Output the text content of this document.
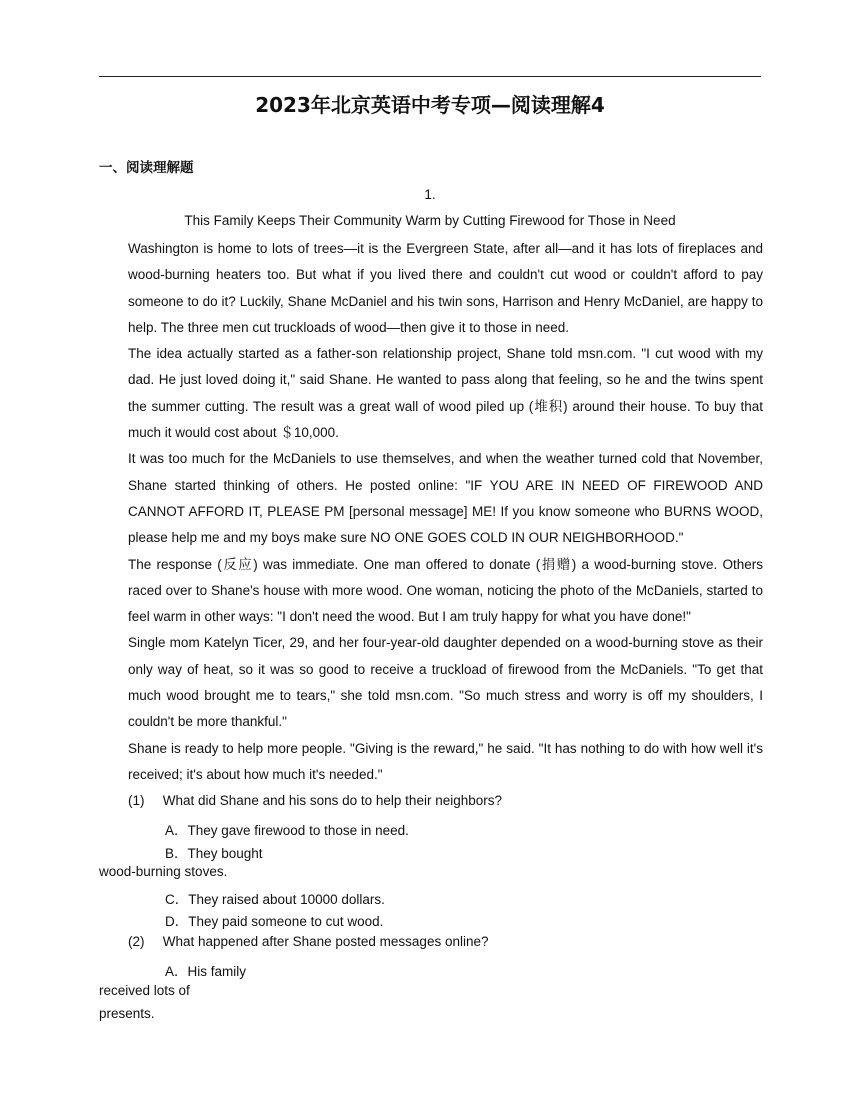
2023年北京英语中考专项—阅读理解4
一、阅读理解题
1.
This Family Keeps Their Community Warm by Cutting Firewood for Those in Need

Washington is home to lots of trees—it is the Evergreen State, after all—and it has lots of fireplaces and wood-burning heaters too. But what if you lived there and couldn't cut wood or couldn't afford to pay someone to do it? Luckily, Shane McDaniel and his twin sons, Harrison and Henry McDaniel, are happy to help. The three men cut truckloads of wood—then give it to those in need.

The idea actually started as a father-son relationship project, Shane told msn.com. "I cut wood with my dad. He just loved doing it," said Shane. He wanted to pass along that feeling, so he and the twins spent the summer cutting. The result was a great wall of wood piled up (堆积) around their house. To buy that much it would cost about ＄10,000.

It was too much for the McDaniels to use themselves, and when the weather turned cold that November, Shane started thinking of others. He posted online: "IF YOU ARE IN NEED OF FIREWOOD AND CANNOT AFFORD IT, PLEASE PM [personal message] ME! If you know someone who BURNS WOOD, please help me and my boys make sure NO ONE GOES COLD IN OUR NEIGHBORHOOD."

The response (反应) was immediate. One man offered to donate (捐赠) a wood-burning stove. Others raced over to Shane's house with more wood. One woman, noticing the photo of the McDaniels, started to feel warm in other ways: "I don't need the wood. But I am truly happy for what you have done!"

Single mom Katelyn Ticer, 29, and her four-year-old daughter depended on a wood-burning stove as their only way of heat, so it was so good to receive a truckload of firewood from the McDaniels. "To get that much wood brought me to tears," she told msn.com. "So much stress and worry is off my shoulders, I couldn't be more thankful."

Shane is ready to help more people. "Giving is the reward," he said. "It has nothing to do with how well it's received; it's about how much it's needed."

(1) What did Shane and his sons do to help their neighbors?
A．They gave firewood to those in need.
B．They bought
wood-burning stoves.
C．They raised about 10000 dollars.
D．They paid someone to cut wood.
(2) What happened after Shane posted messages online?
A．His family
received lots of
presents.
